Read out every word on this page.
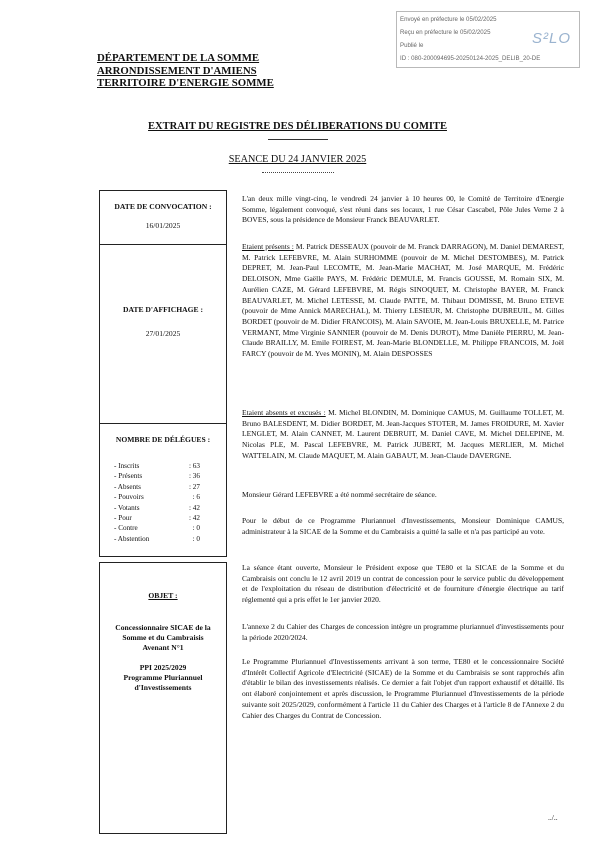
Envoyé en préfecture le 05/02/2025
Reçu en préfecture le 05/02/2025
Publié le
ID : 080-200094695-20250124-2025_DELIB_20-DE
S²LO
DÉPARTEMENT DE LA SOMME
ARRONDISSEMENT D'AMIENS
TERRITOIRE D'ENERGIE SOMME
EXTRAIT DU REGISTRE DES DÉLIBERATIONS DU COMITE
SEANCE DU 24 JANVIER 2025
DATE DE CONVOCATION :
16/01/2025
DATE D'AFFICHAGE :
27/01/2025
NOMBRE DE DÉLÉGUES :
- Inscrits	: 63
- Présents	: 36
- Absents	: 27
- Pouvoirs	: 6
- Votants	: 42
- Pour	: 42
- Contre	: 0
- Abstention	: 0
OBJET :
Concessionnaire SICAE de la
Somme et du Cambraisis
Avenant N°1
PPI 2025/2029
Programme Pluriannuel
d'Investissements
L'an deux mille vingt-cinq, le vendredi 24 janvier à 10 heures 00, le Comité de Territoire d'Energie Somme, légalement convoqué, s'est réuni dans ses locaux, 1 rue César Cascabel, Pôle Jules Verne 2 à BOVES, sous la présidence de Monsieur Franck BEAUVARLET.
Etaient présents : M. Patrick DESSEAUX (pouvoir de M. Franck DARRAGON), M. Daniel DEMAREST, M. Patrick LEFEBVRE, M. Alain SURHOMME (pouvoir de M. Michel DESTOMBES), M. Patrick DEPRET, M. Jean-Paul LECOMTE, M. Jean-Marie MACHAT, M. José MARQUE, M. Frédéric DELOISON, Mme Gaëlle PAYS, M. Frédéric DEMULE, M. Francis GOUSSE, M. Romain SIX, M. Aurélien CAZE, M. Gérard LEFEBVRE, M. Régis SINOQUET, M. Christophe BAYER, M. Franck BEAUVARLET, M. Michel LETESSE, M. Claude PATTE, M. Thibaut DOMISSE, M. Bruno ETEVE (pouvoir de Mme Annick MARECHAL), M. Thierry LESIEUR, M. Christophe DUBREUIL, M. Gilles BORDET (pouvoir de M. Didier FRANCOIS), M. Alain SAVOIE, M. Jean-Louis BRUXELLE, M. Patrice VERMANT, Mme Virginie SANNIER (pouvoir de M. Denis DUROT), Mme Danièle PIERRU, M. Jean-Claude BRAILLY, M. Emile FOIREST, M. Jean-Marie BLONDELLE, M. Philippe FRANCOIS, M. Joël FARCY (pouvoir de M. Yves MONIN), M. Alain DESPOSSES
Etaient absents et excusés : M. Michel BLONDIN, M. Dominique CAMUS, M. Guillaume TOLLET, M. Bruno BALESDENT, M. Didier BORDET, M. Jean-Jacques STOTER, M. James FROIDURE, M. Xavier LENGLET, M. Alain CANNET, M. Laurent DEBRUIT, M. Daniel CAVE, M. Michel DELEPINE, M. Nicolas PLE, M. Pascal LEFEBVRE, M. Patrick JUBERT, M. Jacques MERLIER, M. Michel WATTELAIN, M. Claude MAQUET, M. Alain GABAUT, M. Jean-Claude DAVERGNE.
Monsieur Gérard LEFEBVRE a été nommé secrétaire de séance.
Pour le début de ce Programme Pluriannuel d'Investissements, Monsieur Dominique CAMUS, administrateur à la SICAE de la Somme et du Cambraisis a quitté la salle et n'a pas participé au vote.
La séance étant ouverte, Monsieur le Président expose que TE80 et la SICAE de la Somme et du Cambraisis ont conclu le 12 avril 2019 un contrat de concession pour le service public du développement et de l'exploitation du réseau de distribution d'électricité et de fourniture d'énergie électrique au tarif réglementé qui a pris effet le 1er janvier 2020.
L'annexe 2 du Cahier des Charges de concession intègre un programme pluriannuel d'investissements pour la période 2020/2024.
Le Programme Pluriannuel d'Investissements arrivant à son terme, TE80 et le concessionnaire Société d'Intérêt Collectif Agricole d'Electricité (SICAE) de la Somme et du Cambraisis se sont rapprochés afin d'établir le bilan des investissements réalisés. Ce dernier a fait l'objet d'un rapport exhaustif et détaillé. Ils ont élaboré conjointement et après discussion, le Programme Pluriannuel d'Investissements de la période suivante soit 2025/2029, conformément à l'article 11 du Cahier des Charges et à l'article 8 de l'Annexe 2 du Cahier des Charges du Contrat de Concession.
../..
